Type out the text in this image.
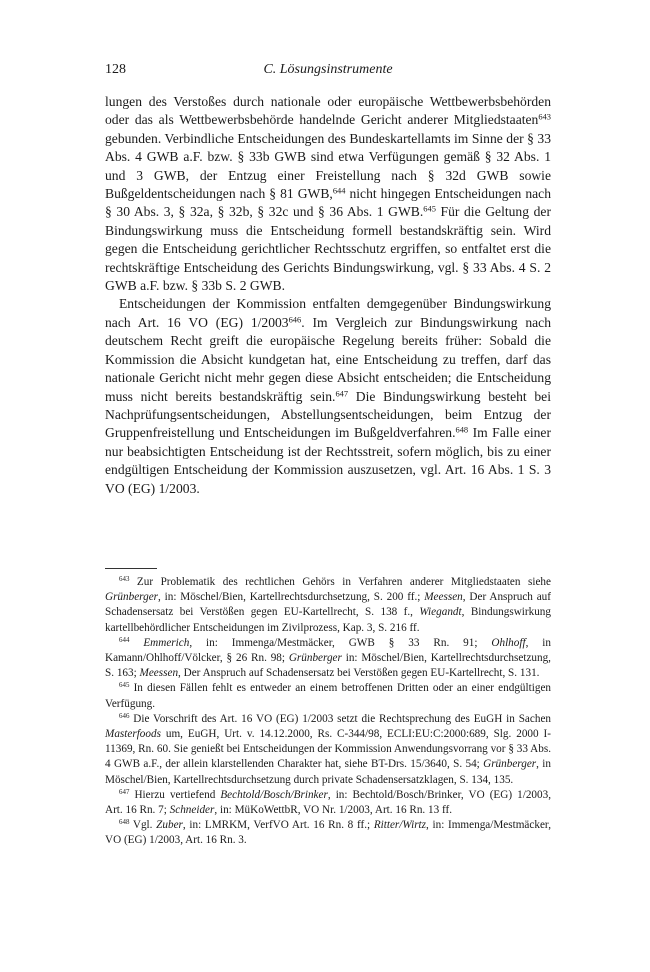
128	C. Lösungsinstrumente

lungen des Verstoßes durch nationale oder europäische Wettbewerbsbehörden oder das als Wettbewerbsbehörde handelnde Gericht anderer Mitgliedstaaten$^{643}$ gebunden. Verbindliche Entscheidungen des Bundeskartellamts im Sinne der § 33 Abs. 4 GWB a.F. bzw. § 33b GWB sind etwa Verfügungen gemäß § 32 Abs. 1 und 3 GWB, der Entzug einer Freistellung nach § 32d GWB sowie Bußgeldentscheidungen nach § 81 GWB,$^{644}$ nicht hingegen Entscheidungen nach § 30 Abs. 3, § 32a, § 32b, § 32c und § 36 Abs. 1 GWB.$^{645}$ Für die Geltung der Bindungswirkung muss die Entscheidung formell bestandskräftig sein. Wird gegen die Entscheidung gerichtlicher Rechtsschutz ergriffen, so entfaltet erst die rechtskräftige Entscheidung des Gerichts Bindungswirkung, vgl. § 33 Abs. 4 S. 2 GWB a.F. bzw. § 33b S. 2 GWB.

Entscheidungen der Kommission entfalten demgegenüber Bindungswirkung nach Art. 16 VO (EG) 1/2003$^{646}$. Im Vergleich zur Bindungswirkung nach deutschem Recht greift die europäische Regelung bereits früher: Sobald die Kommission die Absicht kundgetan hat, eine Entscheidung zu treffen, darf das nationale Gericht nicht mehr gegen diese Absicht entscheiden; die Entscheidung muss nicht bereits bestandskräftig sein.$^{647}$ Die Bindungswirkung besteht bei Nachprüfungsentscheidungen, Abstellungsentscheidungen, beim Entzug der Gruppenfreistellung und Entscheidungen im Bußgeldverfahren.$^{648}$ Im Falle einer nur beabsichtigten Entscheidung ist der Rechtsstreit, sofern möglich, bis zu einer endgültigen Entscheidung der Kommission auszusetzen, vgl. Art. 16 Abs. 1 S. 3 VO (EG) 1/2003.

$^{643}$ Zur Problematik des rechtlichen Gehörs in Verfahren anderer Mitgliedstaaten siehe Grünberger, in: Möschel/Bien, Kartellrechtsdurchsetzung, S. 200 ff.; Meessen, Der Anspruch auf Schadensersatz bei Verstößen gegen EU-Kartellrecht, S. 138 f., Wiegandt, Bindungswirkung kartellbehördlicher Entscheidungen im Zivilprozess, Kap. 3, S. 216 ff.

$^{644}$ Emmerich, in: Immenga/Mestmäcker, GWB § 33 Rn. 91; Ohlhoff, in Kamann/Ohlhoff/Völcker, § 26 Rn. 98; Grünberger in: Möschel/Bien, Kartellrechtsdurchsetzung, S. 163; Meessen, Der Anspruch auf Schadensersatz bei Verstößen gegen EU-Kartellrecht, S. 131.

$^{645}$ In diesen Fällen fehlt es entweder an einem betroffenen Dritten oder an einer endgültigen Verfügung.

$^{646}$ Die Vorschrift des Art. 16 VO (EG) 1/2003 setzt die Rechtsprechung des EuGH in Sachen Masterfoods um, EuGH, Urt. v. 14.12.2000, Rs. C-344/98, ECLI:EU:C:2000:689, Slg. 2000 I-11369, Rn. 60. Sie genießt bei Entscheidungen der Kommission Anwendungsvorrang vor § 33 Abs. 4 GWB a.F., der allein klarstellenden Charakter hat, siehe BT-Drs. 15/3640, S. 54; Grünberger, in Möschel/Bien, Kartellrechtsdurchsetzung durch private Schadensersatzklagen, S. 134, 135.

$^{647}$ Hierzu vertiefend Bechtold/Bosch/Brinker, in: Bechtold/Bosch/Brinker, VO (EG) 1/2003, Art. 16 Rn. 7; Schneider, in: MüKoWettbR, VO Nr. 1/2003, Art. 16 Rn. 13 ff.

$^{648}$ Vgl. Zuber, in: LMRKM, VerfVO Art. 16 Rn. 8 ff.; Ritter/Wirtz, in: Immenga/Mestmäcker, VO (EG) 1/2003, Art. 16 Rn. 3.
